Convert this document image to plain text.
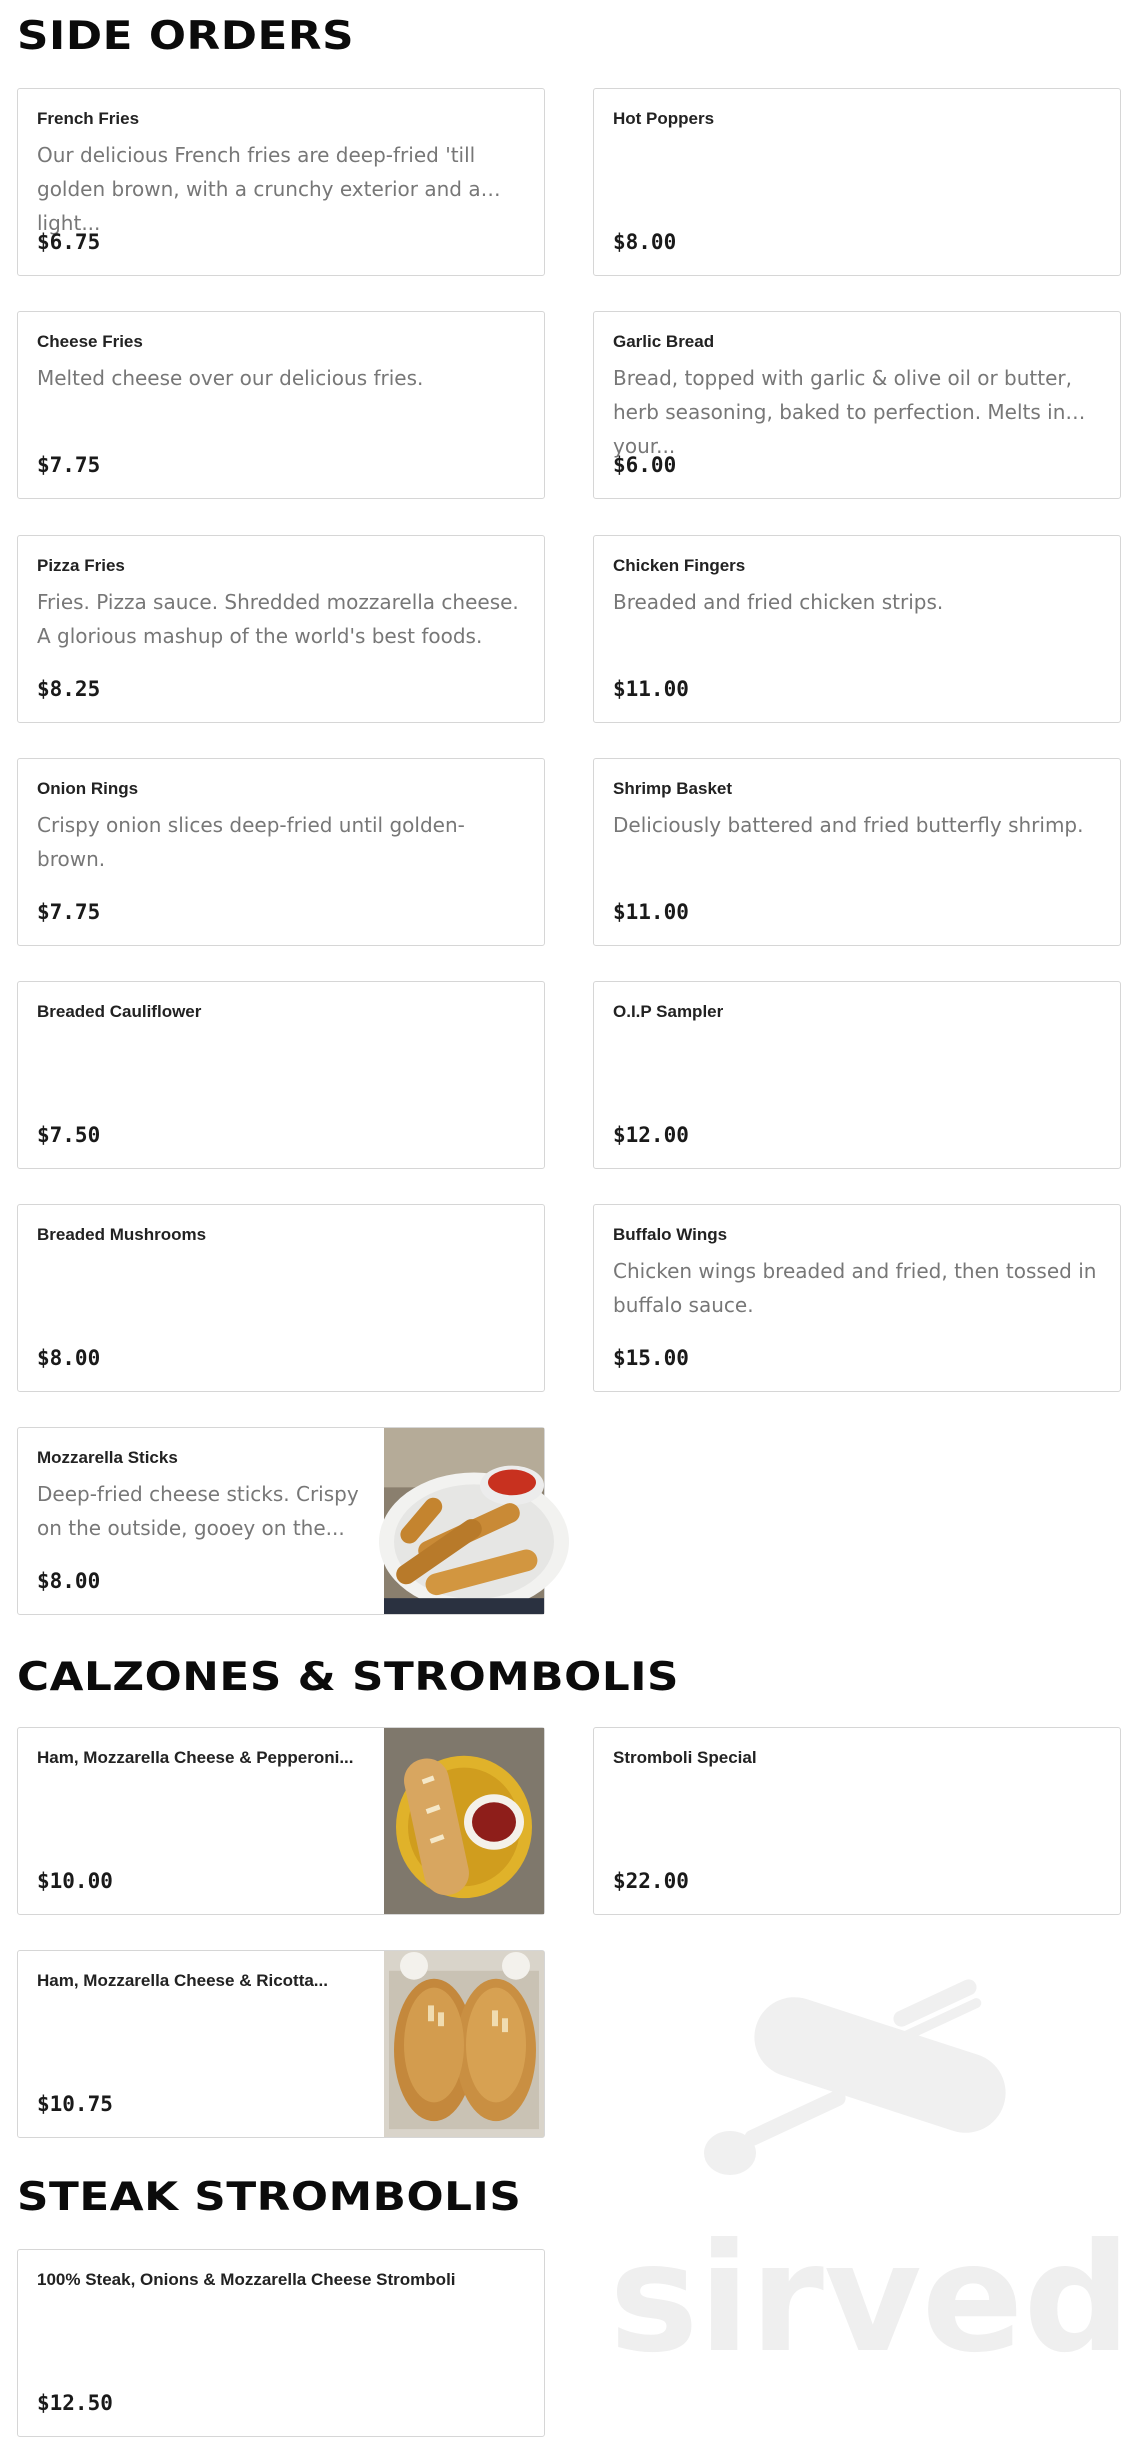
SIDE ORDERS
French Fries
Our delicious French fries are deep-fried 'till golden brown, with a crunchy exterior and a light...
$6.75
Hot Poppers
$8.00
Cheese Fries
Melted cheese over our delicious fries.
$7.75
Garlic Bread
Bread, topped with garlic & olive oil or butter, herb seasoning, baked to perfection. Melts in your...
$6.00
Pizza Fries
Fries. Pizza sauce. Shredded mozzarella cheese. A glorious mashup of the world's best foods.
$8.25
Chicken Fingers
Breaded and fried chicken strips.
$11.00
Onion Rings
Crispy onion slices deep-fried until golden-brown.
$7.75
Shrimp Basket
Deliciously battered and fried butterfly shrimp.
$11.00
Breaded Cauliflower
$7.50
O.I.P Sampler
$12.00
Breaded Mushrooms
$8.00
Buffalo Wings
Chicken wings breaded and fried, then tossed in buffalo sauce.
$15.00
Mozzarella Sticks
Deep-fried cheese sticks. Crispy on the outside, gooey on the...
$8.00
CALZONES & STROMBOLIS
Ham, Mozzarella Cheese & Pepperoni...
$10.00
Stromboli Special
$22.00
Ham, Mozzarella Cheese & Ricotta...
$10.75
STEAK STROMBOLIS
100% Steak, Onions & Mozzarella Cheese Stromboli
$12.50
sirved
